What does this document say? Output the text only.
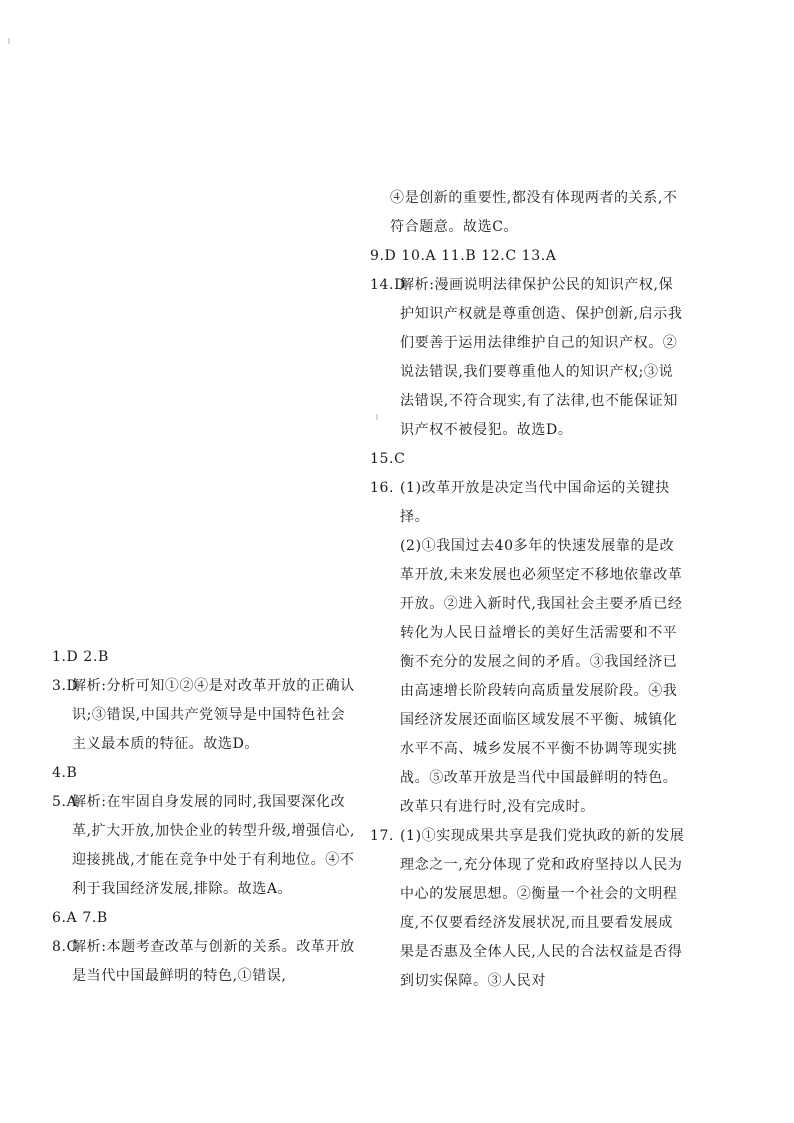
1.D 2.B
3.D
解析:分析可知①②④是对改革开放的正确认识;③错误,中国共产党领导是中国特色社会主义最本质的特征。故选D。
4.B
5.A
解析:在牢固自身发展的同时,我国要深化改革,扩大开放,加快企业的转型升级,增强信心,迎接挑战,才能在竞争中处于有利地位。④不利于我国经济发展,排除。故选A。
6.A 7.B
8.C
解析:本题考查改革与创新的关系。改革开放是当代中国最鲜明的特色,①错误,
④是创新的重要性,都没有体现两者的关系,不符合题意。故选C。
9.D 10.A 11.B 12.C 13.A
14.D
解析:漫画说明法律保护公民的知识产权,保护知识产权就是尊重创造、保护创新,启示我们要善于运用法律维护自己的知识产权。②说法错误,我们要尊重他人的知识产权;③说法错误,不符合现实,有了法律,也不能保证知识产权不被侵犯。故选D。
15.C
16. (1)改革开放是决定当代中国命运的关键抉择。
(2)①我国过去40多年的快速发展靠的是改革开放,未来发展也必须坚定不移地依靠改革开放。②进入新时代,我国社会主要矛盾已经转化为人民日益增长的美好生活需要和不平衡不充分的发展之间的矛盾。③我国经济已由高速增长阶段转向高质量发展阶段。④我国经济发展还面临区域发展不平衡、城镇化水平不高、城乡发展不平衡不协调等现实挑战。⑤改革开放是当代中国最鲜明的特色。改革只有进行时,没有完成时。
17. (1)①实现成果共享是我们党执政的新的发展理念之一,充分体现了党和政府坚持以人民为中心的发展思想。②衡量一个社会的文明程度,不仅要看经济发展状况,而且要看发展成果是否惠及全体人民,人民的合法权益是否得到切实保障。③人民对
